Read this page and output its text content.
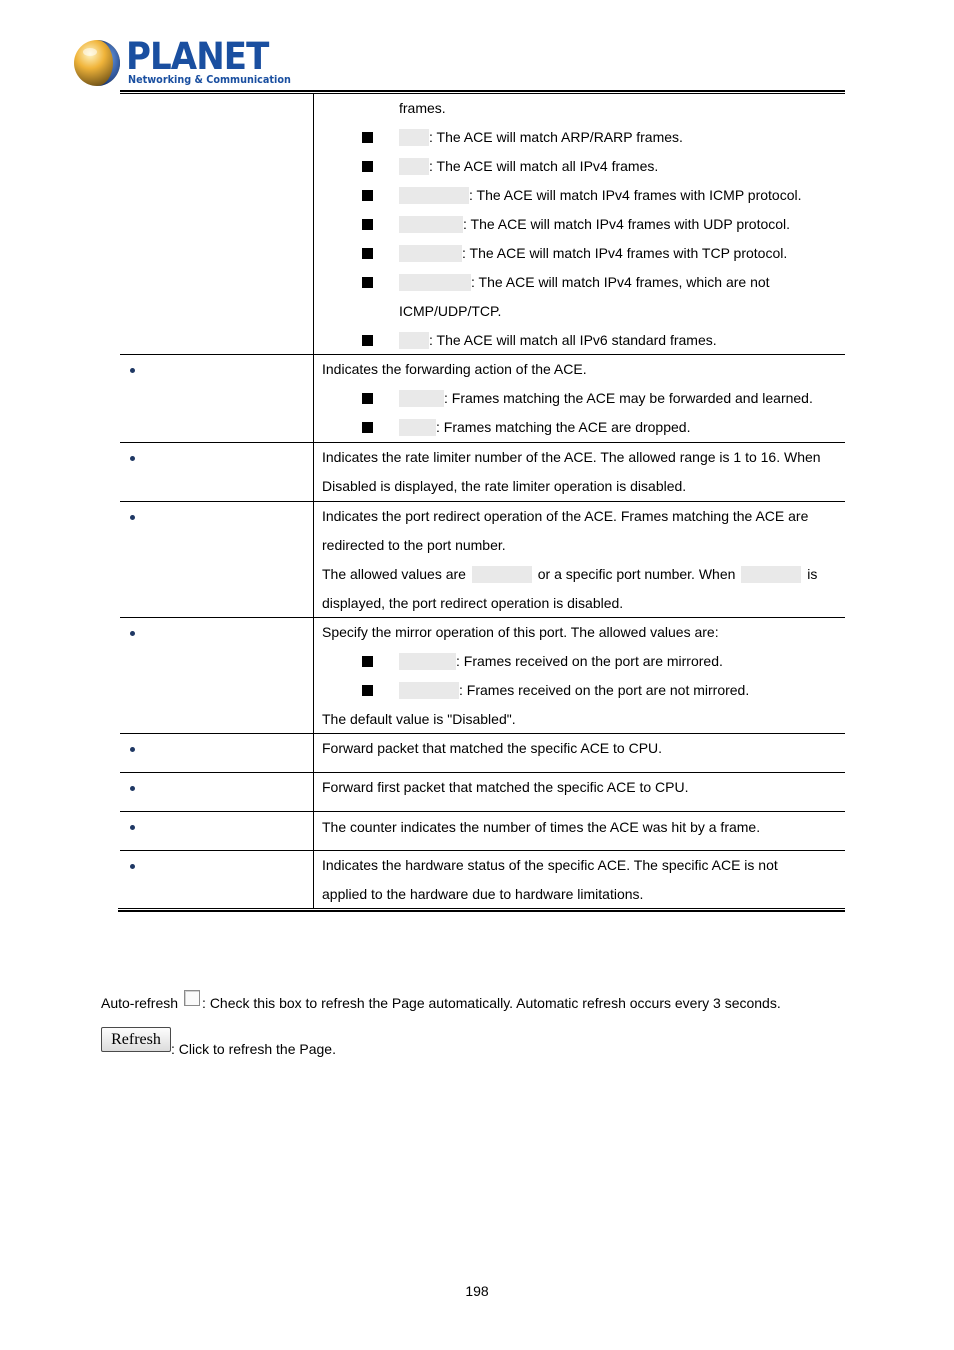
PLANET
Networking & Communication
frames.
: The ACE will match ARP/RARP frames.
: The ACE will match all IPv4 frames.
: The ACE will match IPv4 frames with ICMP protocol.
: The ACE will match IPv4 frames with UDP protocol.
: The ACE will match IPv4 frames with TCP protocol.
: The ACE will match IPv4 frames, which are not
ICMP/UDP/TCP.
: The ACE will match all IPv6 standard frames.
Indicates the forwarding action of the ACE.
: Frames matching the ACE may be forwarded and learned.
: Frames matching the ACE are dropped.
Indicates the rate limiter number of the ACE. The allowed range is 1 to 16. When
Disabled is displayed, the rate limiter operation is disabled.
Indicates the port redirect operation of the ACE. Frames matching the ACE are
redirected to the port number.
The allowed values are	or a specific port number. When	is
displayed, the port redirect operation is disabled.
Specify the mirror operation of this port. The allowed values are:
: Frames received on the port are mirrored.
: Frames received on the port are not mirrored.
The default value is "Disabled".
Forward packet that matched the specific ACE to CPU.
Forward first packet that matched the specific ACE to CPU.
The counter indicates the number of times the ACE was hit by a frame.
Indicates the hardware status of the specific ACE. The specific ACE is not
applied to the hardware due to hardware limitations.
Auto-refresh : Check this box to refresh the Page automatically. Automatic refresh occurs every 3 seconds.
Refresh: Click to refresh the Page.
198
